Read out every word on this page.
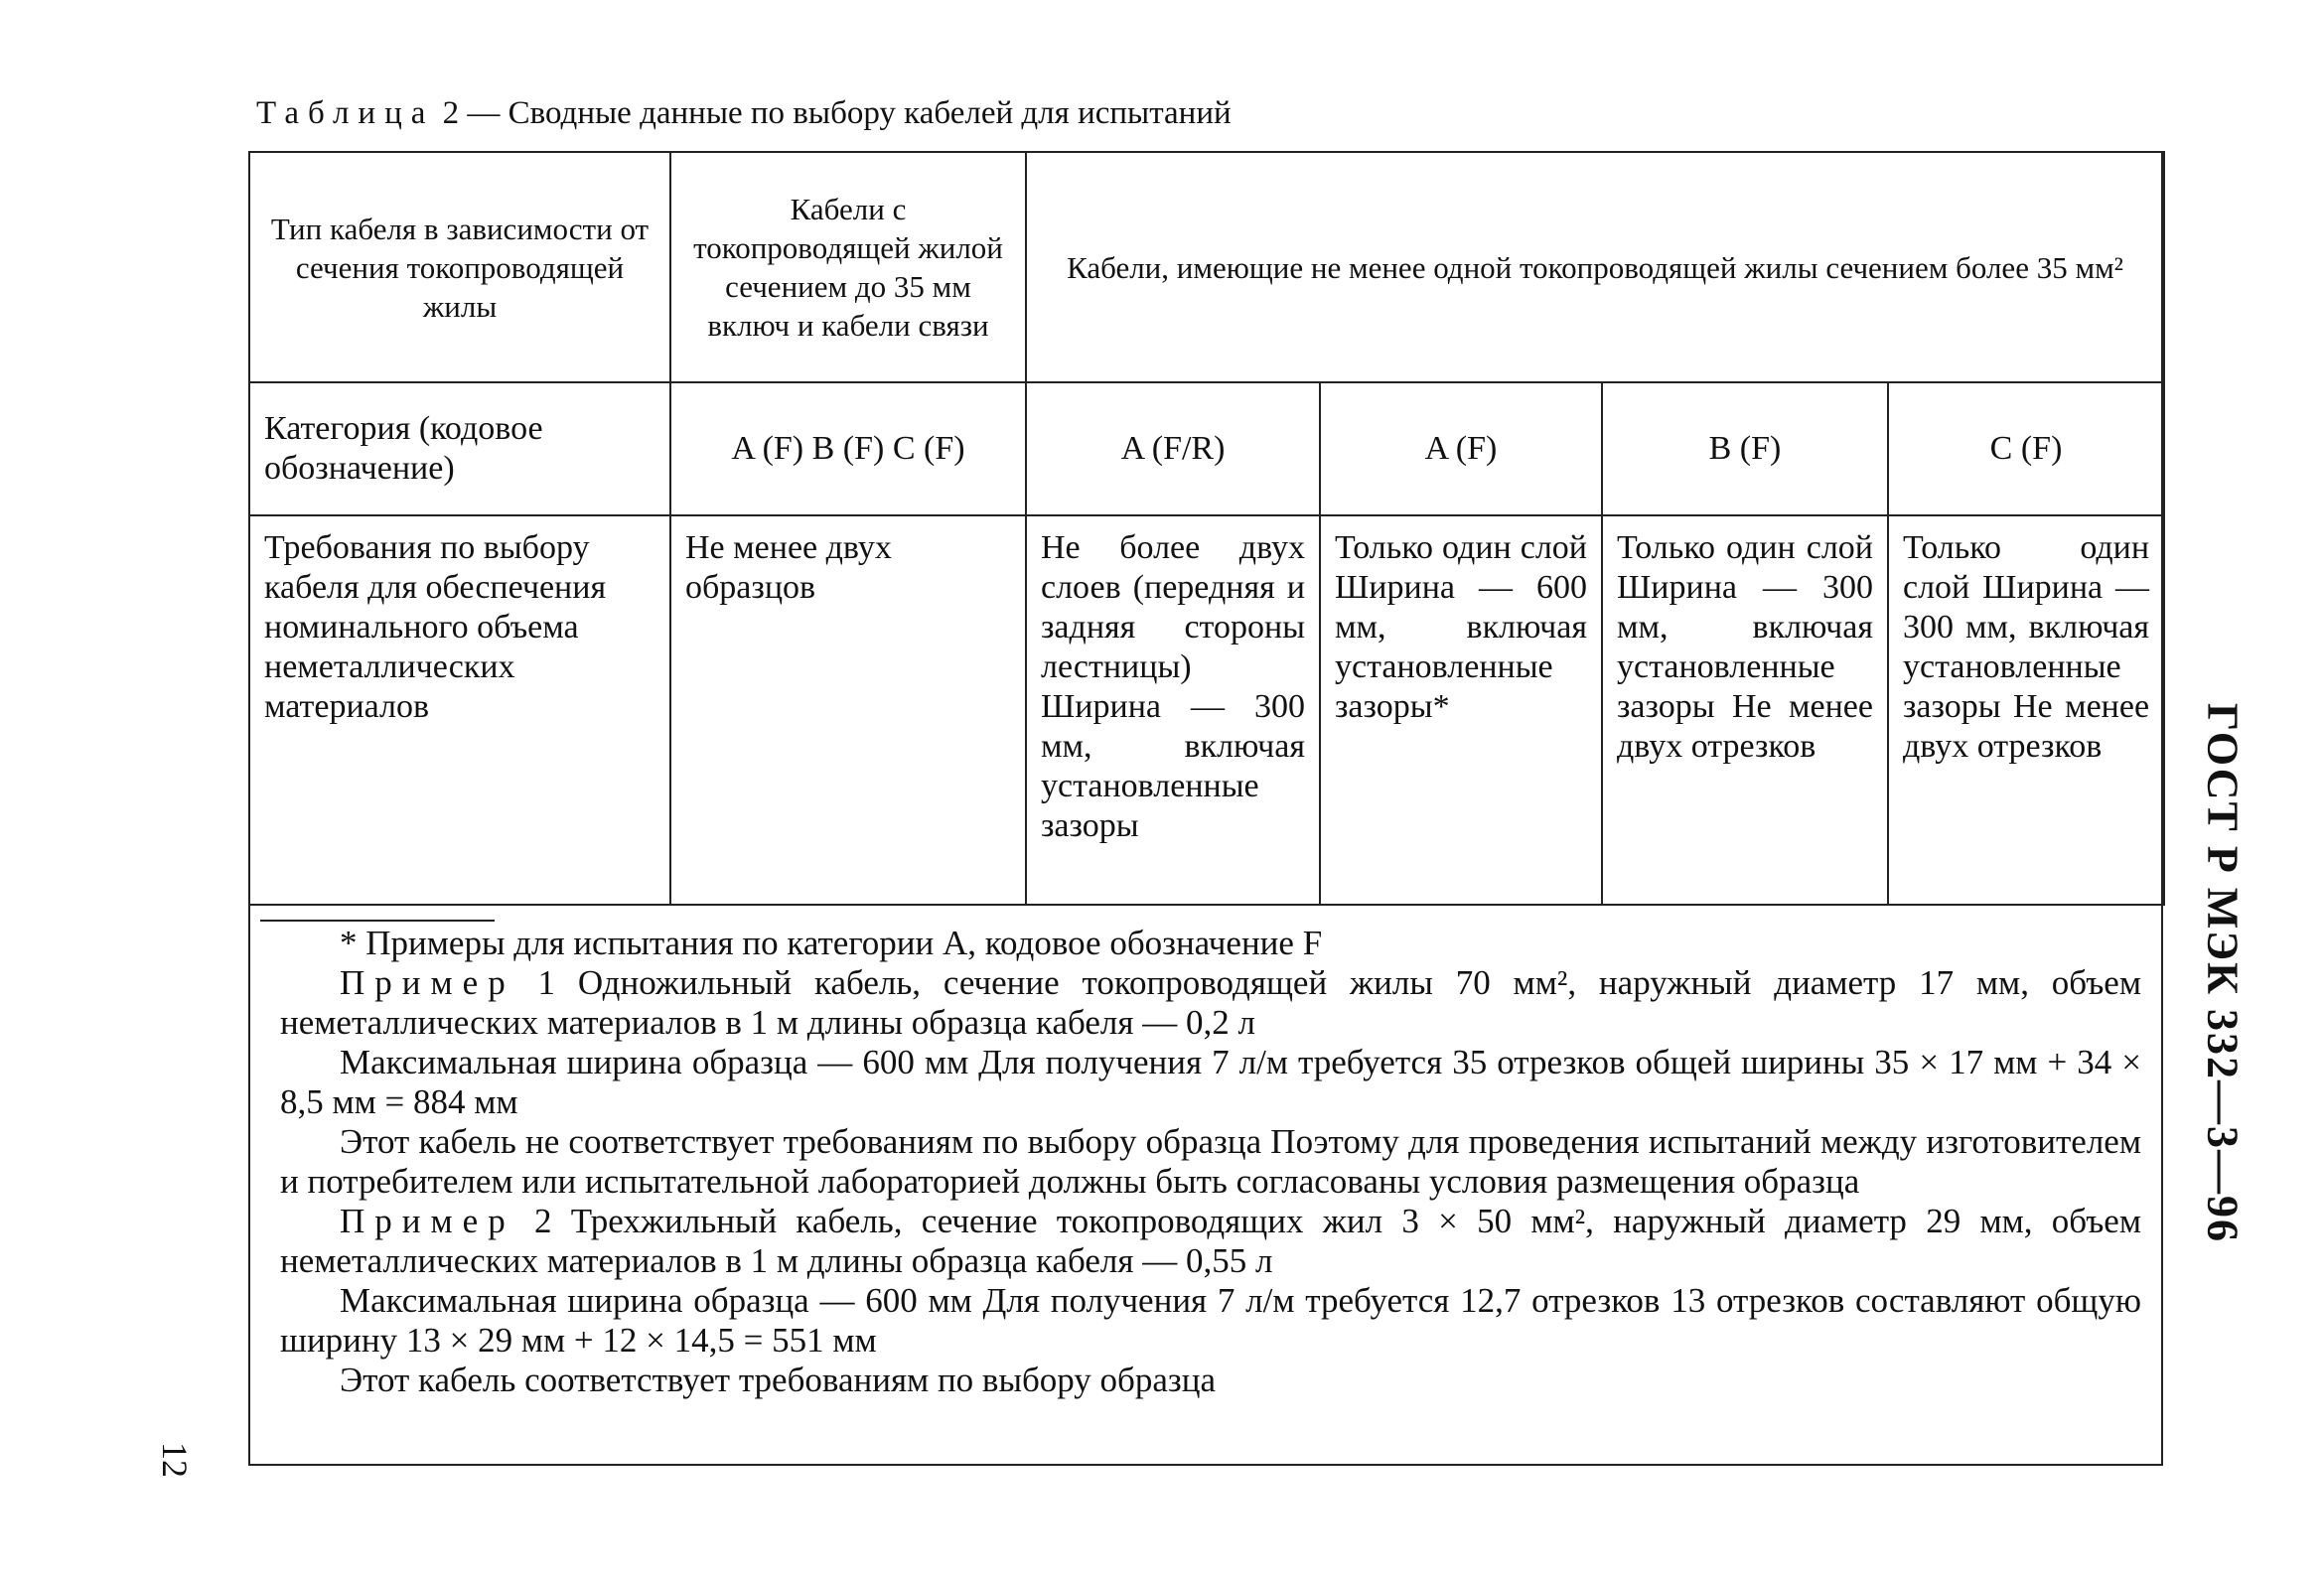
Таблица 2 — Сводные данные по выбору кабелей для испытаний
Тип кабеля в зависимости от сечения токопроводящей жилы	Кабели с токопроводящей жилой сечением до 35 мм включ и кабели связи	Кабели, имеющие не менее одной токопроводящей жилы сечением более 35 мм²			
Категория (кодовое обозначение)	A (F) B (F) C (F)	A (F/R)	A (F)	B (F)	C (F)
Требования по выбору кабеля для обеспечения номинального объема неметаллических материалов	Не менее двух образцов	Не более двух слоев (передняя и задняя стороны лестницы) Ширина — 300 мм, включая установленные зазоры	Только один слой Ширина — 600 мм, включая установленные зазоры*	Только один слой Ширина — 300 мм, включая установленные зазоры Не менее двух отрезков	Только один слой Ширина — 300 мм, включая установленные зазоры Не менее двух отрезков

* Примеры для испытания по категории А, кодовое обозначение F

Пример 1 Одножильный кабель, сечение токопроводящей жилы 70 мм², наружный диаметр 17 мм, объем неметаллических материалов в 1 м длины образца кабеля — 0,2 л

Максимальная ширина образца — 600 мм Для получения 7 л/м требуется 35 отрезков общей ширины 35 × 17 мм + 34 × 8,5 мм = 884 мм

Этот кабель не соответствует требованиям по выбору образца Поэтому для проведения испытаний между изготовителем и потребителем или испытательной лабораторией должны быть согласованы условия размещения образца

Пример 2 Трехжильный кабель, сечение токопроводящих жил 3 × 50 мм², наружный диаметр 29 мм, объем неметаллических материалов в 1 м длины образца кабеля — 0,55 л

Максимальная ширина образца — 600 мм Для получения 7 л/м требуется 12,7 отрезков 13 отрезков составляют общую ширину 13 × 29 мм + 12 × 14,5 = 551 мм

Этот кабель соответствует требованиям по выбору образца

ГОСТ Р МЭК 332—3—96
12
